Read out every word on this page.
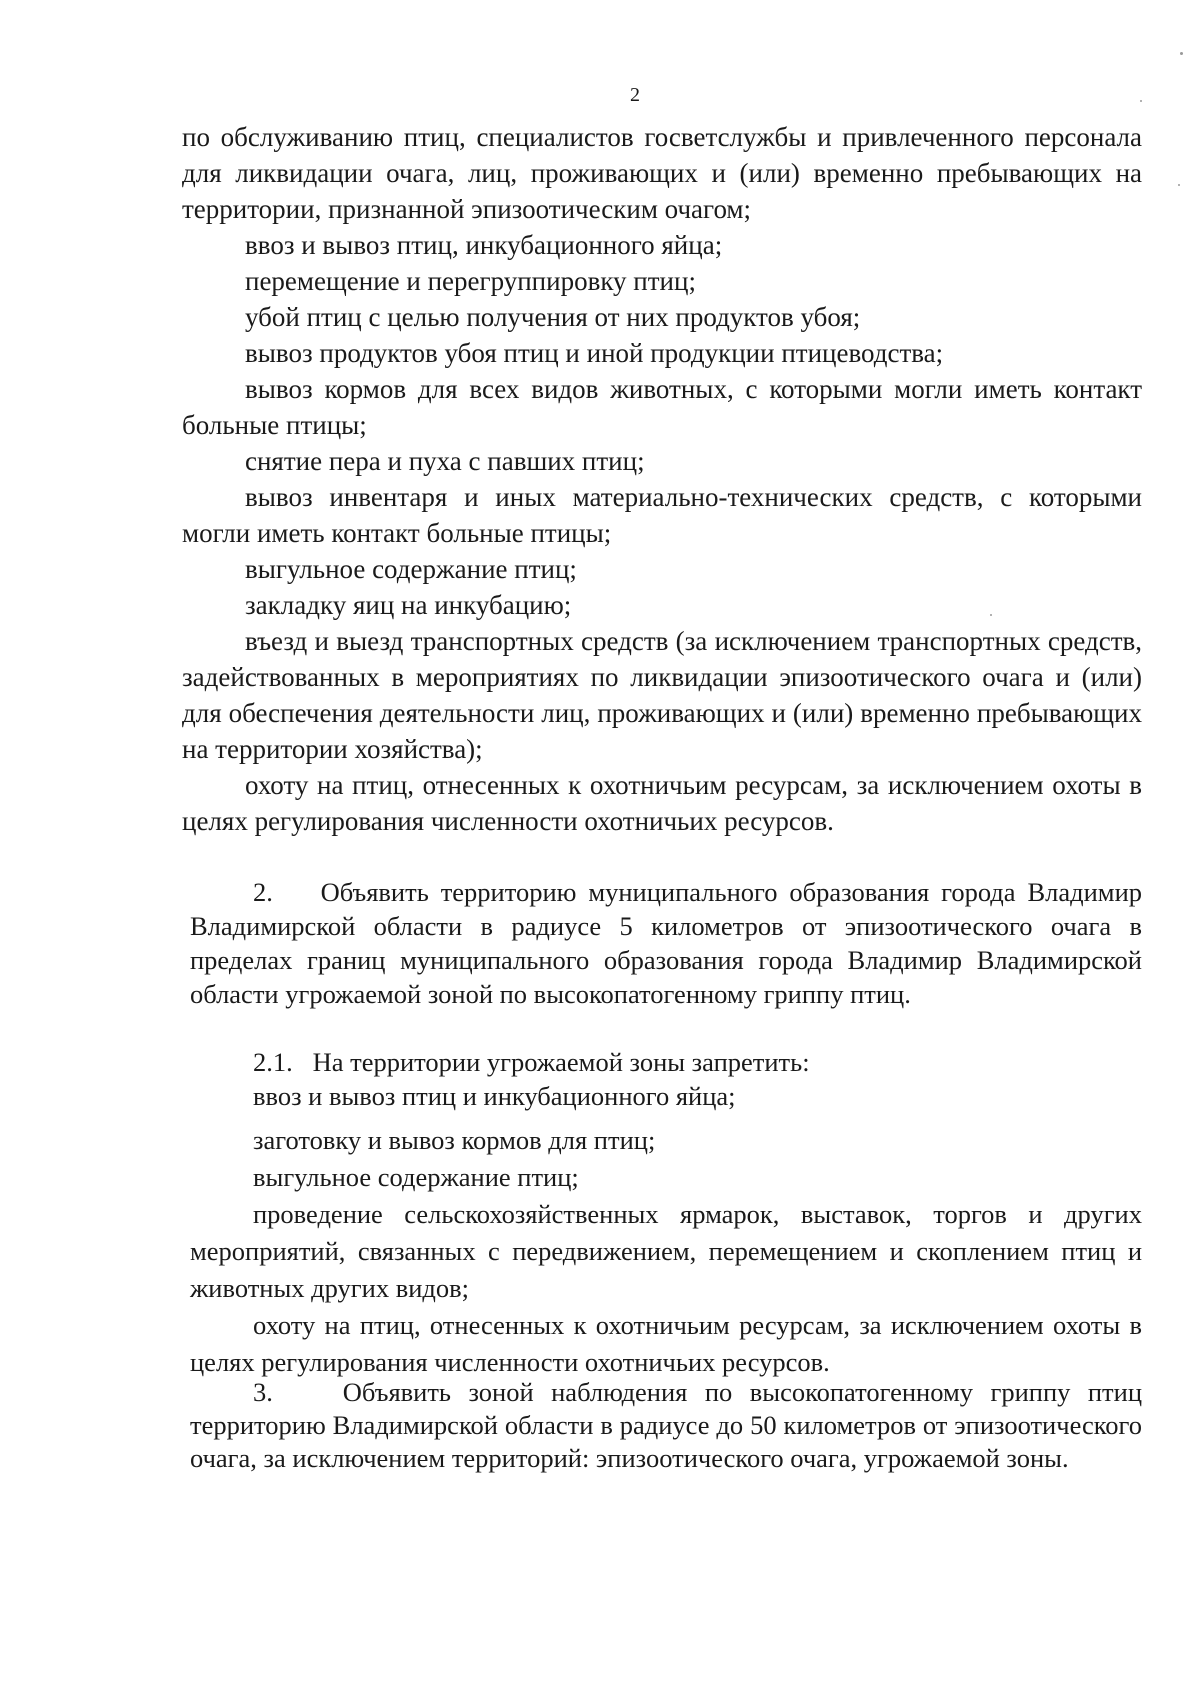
2

по обслуживанию птиц, специалистов госветслужбы и привлеченного персонала для ликвидации очага, лиц, проживающих и (или) временно пребывающих на территории, признанной эпизоотическим очагом;

ввоз и вывоз птиц, инкубационного яйца;

перемещение и перегруппировку птиц;

убой птиц с целью получения от них продуктов убоя;

вывоз продуктов убоя птиц и иной продукции птицеводства;

вывоз кормов для всех видов животных, с которыми могли иметь контакт больные птицы;

снятие пера и пуха с павших птиц;

вывоз инвентаря и иных материально-технических средств, с которыми могли иметь контакт больные птицы;

выгульное содержание птиц;

закладку яиц на инкубацию;

въезд и выезд транспортных средств (за исключением транспортных средств, задействованных в мероприятиях по ликвидации эпизоотического очага и (или) для обеспечения деятельности лиц, проживающих и (или) временно пребывающих на территории хозяйства);

охоту на птиц, отнесенных к охотничьим ресурсам, за исключением охоты в целях регулирования численности охотничьих ресурсов.

2.    Объявить территорию муниципального образования города Владимир Владимирской области в радиусе 5 километров от эпизоотического очага в пределах границ муниципального образования города Владимир Владимирской области угрожаемой зоной по высокопатогенному гриппу птиц.

2.1.   На территории угрожаемой зоны запретить:

ввоз и вывоз птиц и инкубационного яйца;

заготовку и вывоз кормов для птиц;

выгульное содержание птиц;

проведение сельскохозяйственных ярмарок, выставок, торгов и других мероприятий, связанных с передвижением, перемещением и скоплением птиц и животных других видов;

охоту на птиц, отнесенных к охотничьим ресурсам, за исключением охоты в целях регулирования численности охотничьих ресурсов.

3.    Объявить зоной наблюдения по высокопатогенному гриппу птиц территорию Владимирской области в радиусе до 50 километров от эпизоотического очага, за исключением территорий: эпизоотического очага, угрожаемой зоны.
